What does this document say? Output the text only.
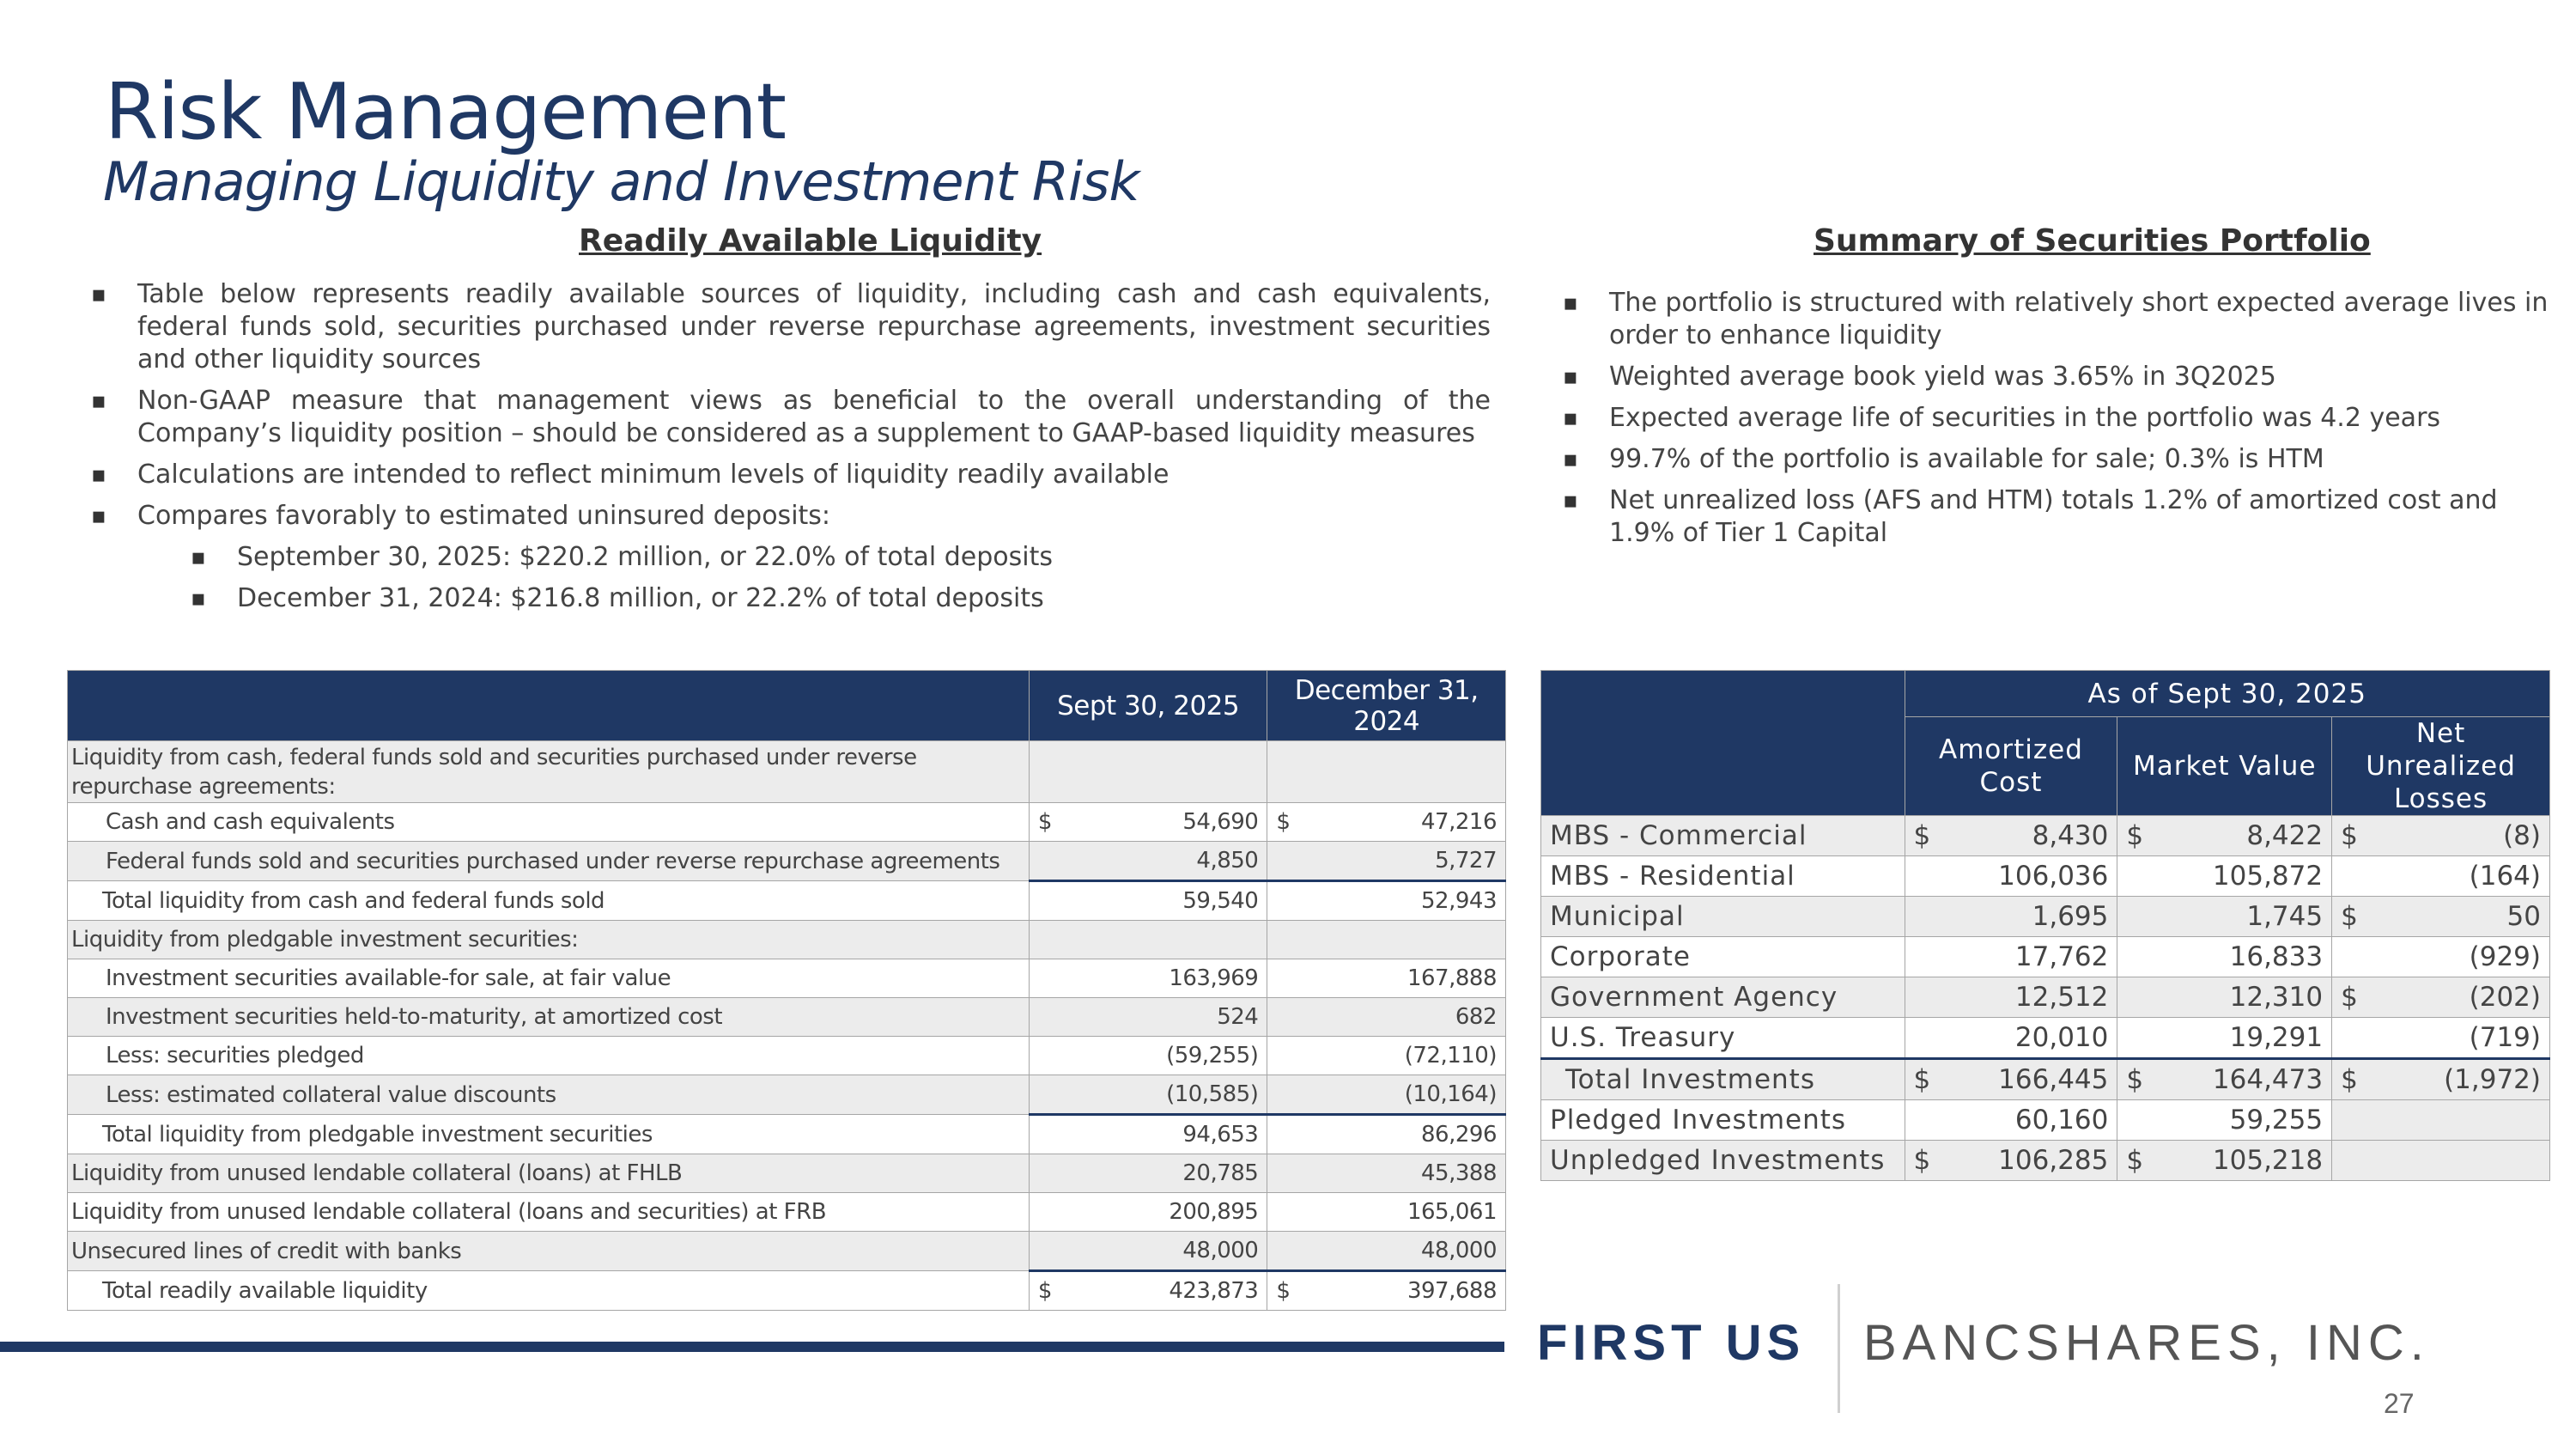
Risk Management
Managing Liquidity and Investment Risk
Readily Available Liquidity
▪ Table below represents readily available sources of liquidity, including cash and cash equivalents, federal funds sold, securities purchased under reverse repurchase agreements, investment securities and other liquidity sources
▪ Non-GAAP measure that management views as beneficial to the overall understanding of the Company’s liquidity position – should be considered as a supplement to GAAP-based liquidity measures
▪ Calculations are intended to reflect minimum levels of liquidity readily available
▪ Compares favorably to estimated uninsured deposits:
▪ September 30, 2025: $220.2 million, or 22.0% of total deposits
▪ December 31, 2024: $216.8 million, or 22.2% of total deposits
	Sept 30, 2025	December 31, 2024
Liquidity from cash, federal funds sold and securities purchased under reverse repurchase agreements:		
Cash and cash equivalents	$ 54,690	$ 47,216
Federal funds sold and securities purchased under reverse repurchase agreements	4,850	5,727
Total liquidity from cash and federal funds sold	59,540	52,943
Liquidity from pledgable investment securities:		
Investment securities available-for sale, at fair value	163,969	167,888
Investment securities held-to-maturity, at amortized cost	524	682
Less: securities pledged	(59,255)	(72,110)
Less: estimated collateral value discounts	(10,585)	(10,164)
Total liquidity from pledgable investment securities	94,653	86,296
Liquidity from unused lendable collateral (loans) at FHLB	20,785	45,388
Liquidity from unused lendable collateral (loans and securities) at FRB	200,895	165,061
Unsecured lines of credit with banks	48,000	48,000
Total readily available liquidity	$ 423,873	$ 397,688
Summary of Securities Portfolio
▪ The portfolio is structured with relatively short expected average lives in order to enhance liquidity
▪ Weighted average book yield was 3.65% in 3Q2025
▪ Expected average life of securities in the portfolio was 4.2 years
▪ 99.7% of the portfolio is available for sale; 0.3% is HTM
▪ Net unrealized loss (AFS and HTM) totals 1.2% of amortized cost and 1.9% of Tier 1 Capital
	As of Sept 30, 2025		
	Amortized Cost	Market Value	Net Unrealized Losses
MBS - Commercial	$ 8,430	$ 8,422	$ (8)
MBS - Residential	106,036	105,872	(164)
Municipal	1,695	1,745	$ 50
Corporate	17,762	16,833	(929)
Government Agency	12,512	12,310	$ (202)
U.S. Treasury	20,010	19,291	(719)
Total Investments	$ 166,445	$ 164,473	$ (1,972)
Pledged Investments	60,160	59,255	
Unpledged Investments	$ 106,285	$ 105,218	
FIRST US BANCSHARES, INC.
27
